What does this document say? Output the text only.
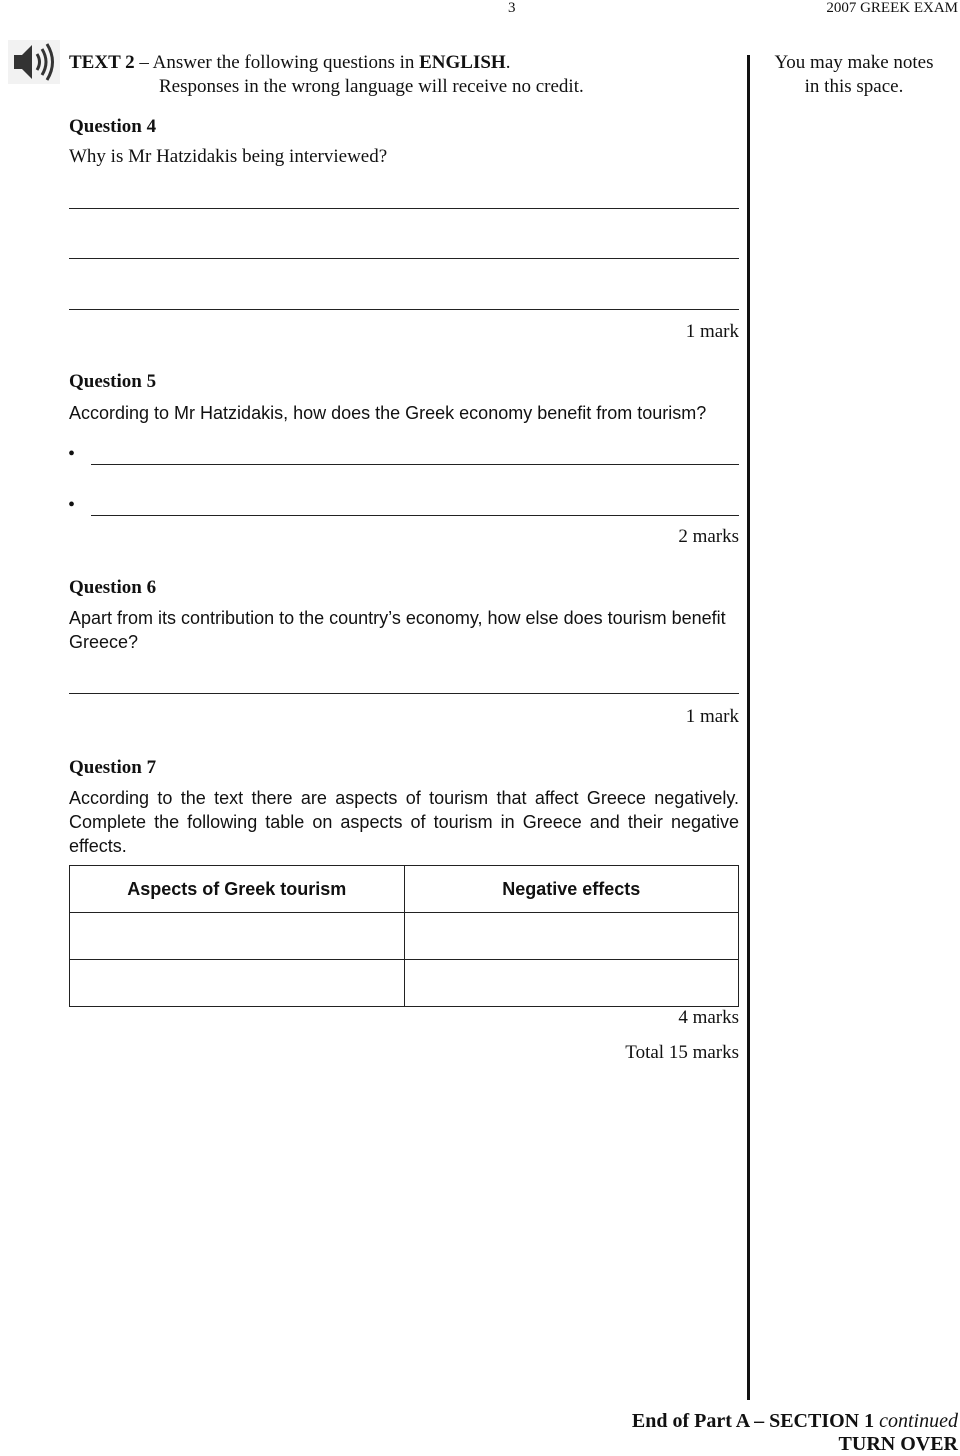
3	2007 GREEK EXAM
TEXT 2 – Answer the following questions in ENGLISH.
Responses in the wrong language will receive no credit.
You may make notes
in this space.
Question 4
Why is Mr Hatzidakis being interviewed?
1 mark
Question 5
According to Mr Hatzidakis, how does the Greek economy benefit from tourism?
•
•
2 marks
Question 6
Apart from its contribution to the country’s economy, how else does tourism benefit Greece?
1 mark
Question 7
According to the text there are aspects of tourism that affect Greece negatively. Complete the following table on aspects of tourism in Greece and their negative effects.
Aspects of Greek tourism	Negative effects

4 marks
Total 15 marks
End of Part A – SECTION 1 continued
TURN OVER
